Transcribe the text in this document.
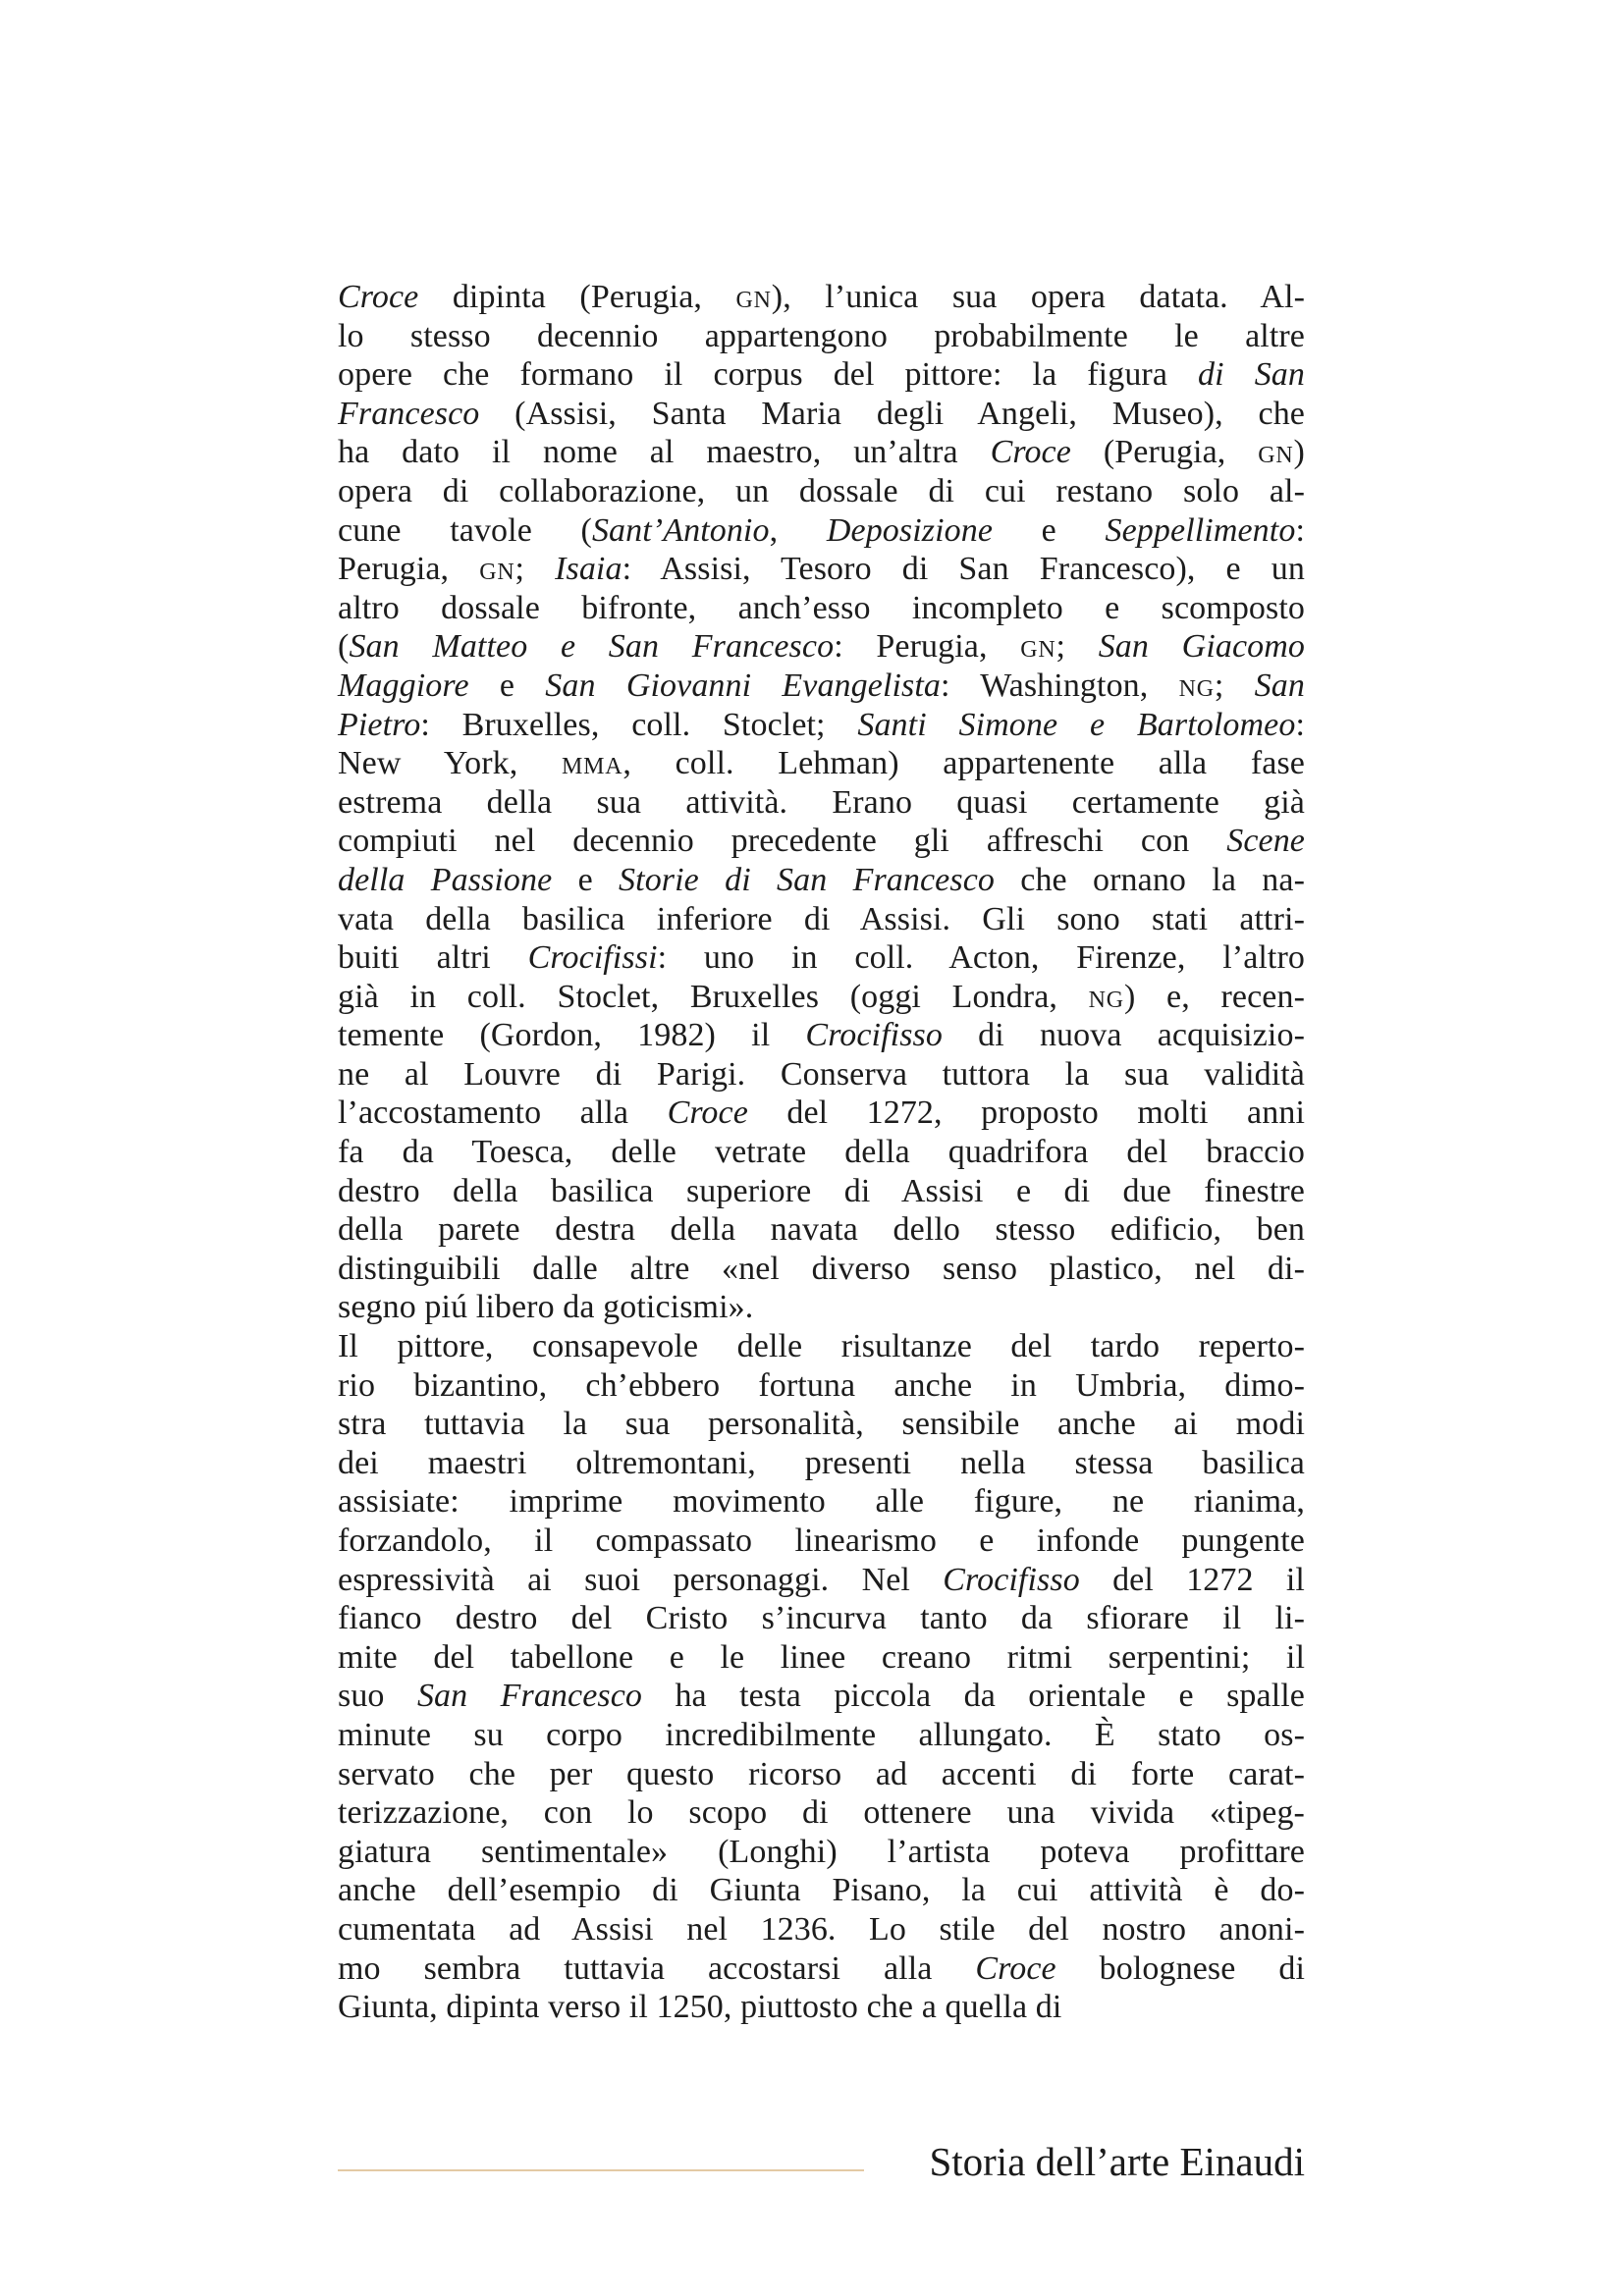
Croce dipinta (Perugia, gn), l’unica sua opera datata. Al-
lo stesso decennio appartengono probabilmente le altre
opere che formano il corpus del pittore: la figura di San
Francesco (Assisi, Santa Maria degli Angeli, Museo), che
ha dato il nome al maestro, un’altra Croce (Perugia, gn)
opera di collaborazione, un dossale di cui restano solo al-
cune tavole (Sant’Antonio, Deposizione e Seppellimento:
Perugia, gn; Isaia: Assisi, Tesoro di San Francesco), e un
altro dossale bifronte, anch’esso incompleto e scomposto
(San Matteo e San Francesco: Perugia, gn; San Giacomo
Maggiore e San Giovanni Evangelista: Washington, ng; San
Pietro: Bruxelles, coll. Stoclet; Santi Simone e Bartolomeo:
New York, mma, coll. Lehman) appartenente alla fase
estrema della sua attività. Erano quasi certamente già
compiuti nel decennio precedente gli affreschi con Scene
della Passione e Storie di San Francesco che ornano la na-
vata della basilica inferiore di Assisi. Gli sono stati attri-
buiti altri Crocifissi: uno in coll. Acton, Firenze, l’altro
già in coll. Stoclet, Bruxelles (oggi Londra, ng) e, recen-
temente (Gordon, 1982) il Crocifisso di nuova acquisizio-
ne al Louvre di Parigi. Conserva tuttora la sua validità
l’accostamento alla Croce del 1272, proposto molti anni
fa da Toesca, delle vetrate della quadrifora del braccio
destro della basilica superiore di Assisi e di due finestre
della parete destra della navata dello stesso edificio, ben
distinguibili dalle altre «nel diverso senso plastico, nel di-
segno piú libero da goticismi».
Il pittore, consapevole delle risultanze del tardo reperto-
rio bizantino, ch’ebbero fortuna anche in Umbria, dimo-
stra tuttavia la sua personalità, sensibile anche ai modi
dei maestri oltremontani, presenti nella stessa basilica
assisiate: imprime movimento alle figure, ne rianima,
forzandolo, il compassato linearismo e infonde pungente
espressività ai suoi personaggi. Nel Crocifisso del 1272 il
fianco destro del Cristo s’incurva tanto da sfiorare il li-
mite del tabellone e le linee creano ritmi serpentini; il
suo San Francesco ha testa piccola da orientale e spalle
minute su corpo incredibilmente allungato. È stato os-
servato che per questo ricorso ad accenti di forte carat-
terizzazione, con lo scopo di ottenere una vivida «tipeg-
giatura sentimentale» (Longhi) l’artista poteva profittare
anche dell’esempio di Giunta Pisano, la cui attività è do-
cumentata ad Assisi nel 1236. Lo stile del nostro anoni-
mo sembra tuttavia accostarsi alla Croce bolognese di
Giunta, dipinta verso il 1250, piuttosto che a quella di
Storia dell’arte Einaudi
